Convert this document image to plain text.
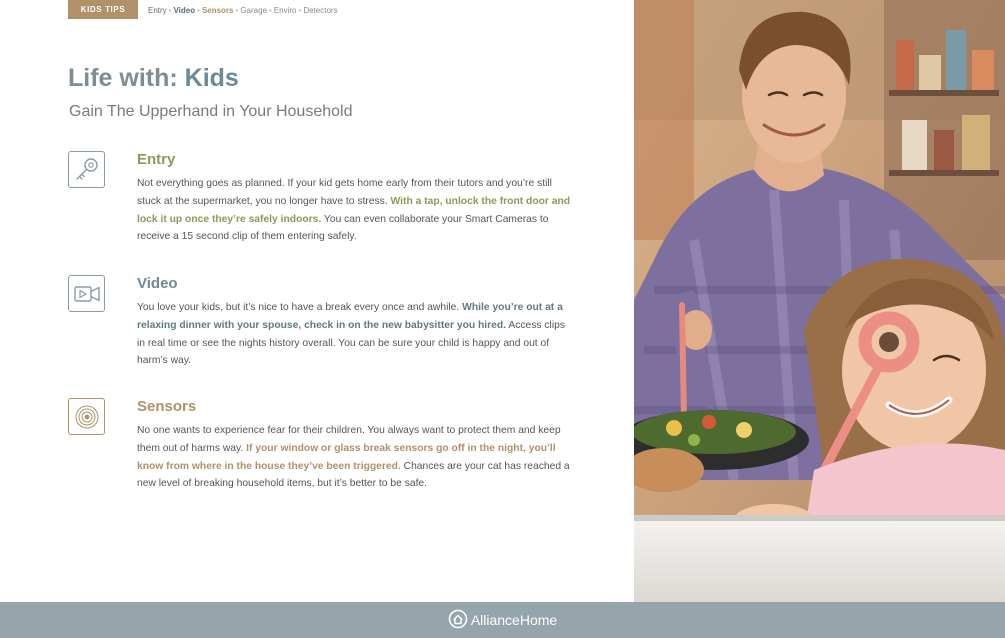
KIDS TIPS	Entry • Video • Sensors • Garage • Enviro • Detectors
Life with: Kids
Gain The Upperhand in Your Household
Entry

Not everything goes as planned. If your kid gets home early from their tutors and you’re still stuck at the supermarket, you no longer have to stress. With a tap, unlock the front door and lock it up once they’re safely indoors. You can even collaborate your Smart Cameras to receive a 15 second clip of them entering safely.

Video

You love your kids, but it’s nice to have a break every once and awhile. While you’re out at a relaxing dinner with your spouse, check in on the new babysitter you hired. Access clips in real time or see the nights history overall. You can be sure your child is happy and out of harm’s way.

Sensors

No one wants to experience fear for their children. You always want to protect them and keep them out of harms way. If your window or glass break sensors go off in the night, you’ll know from where in the house they’ve been triggered. Chances are your cat has reached a new level of breaking household items, but it’s better to be safe.

AllianceHome
